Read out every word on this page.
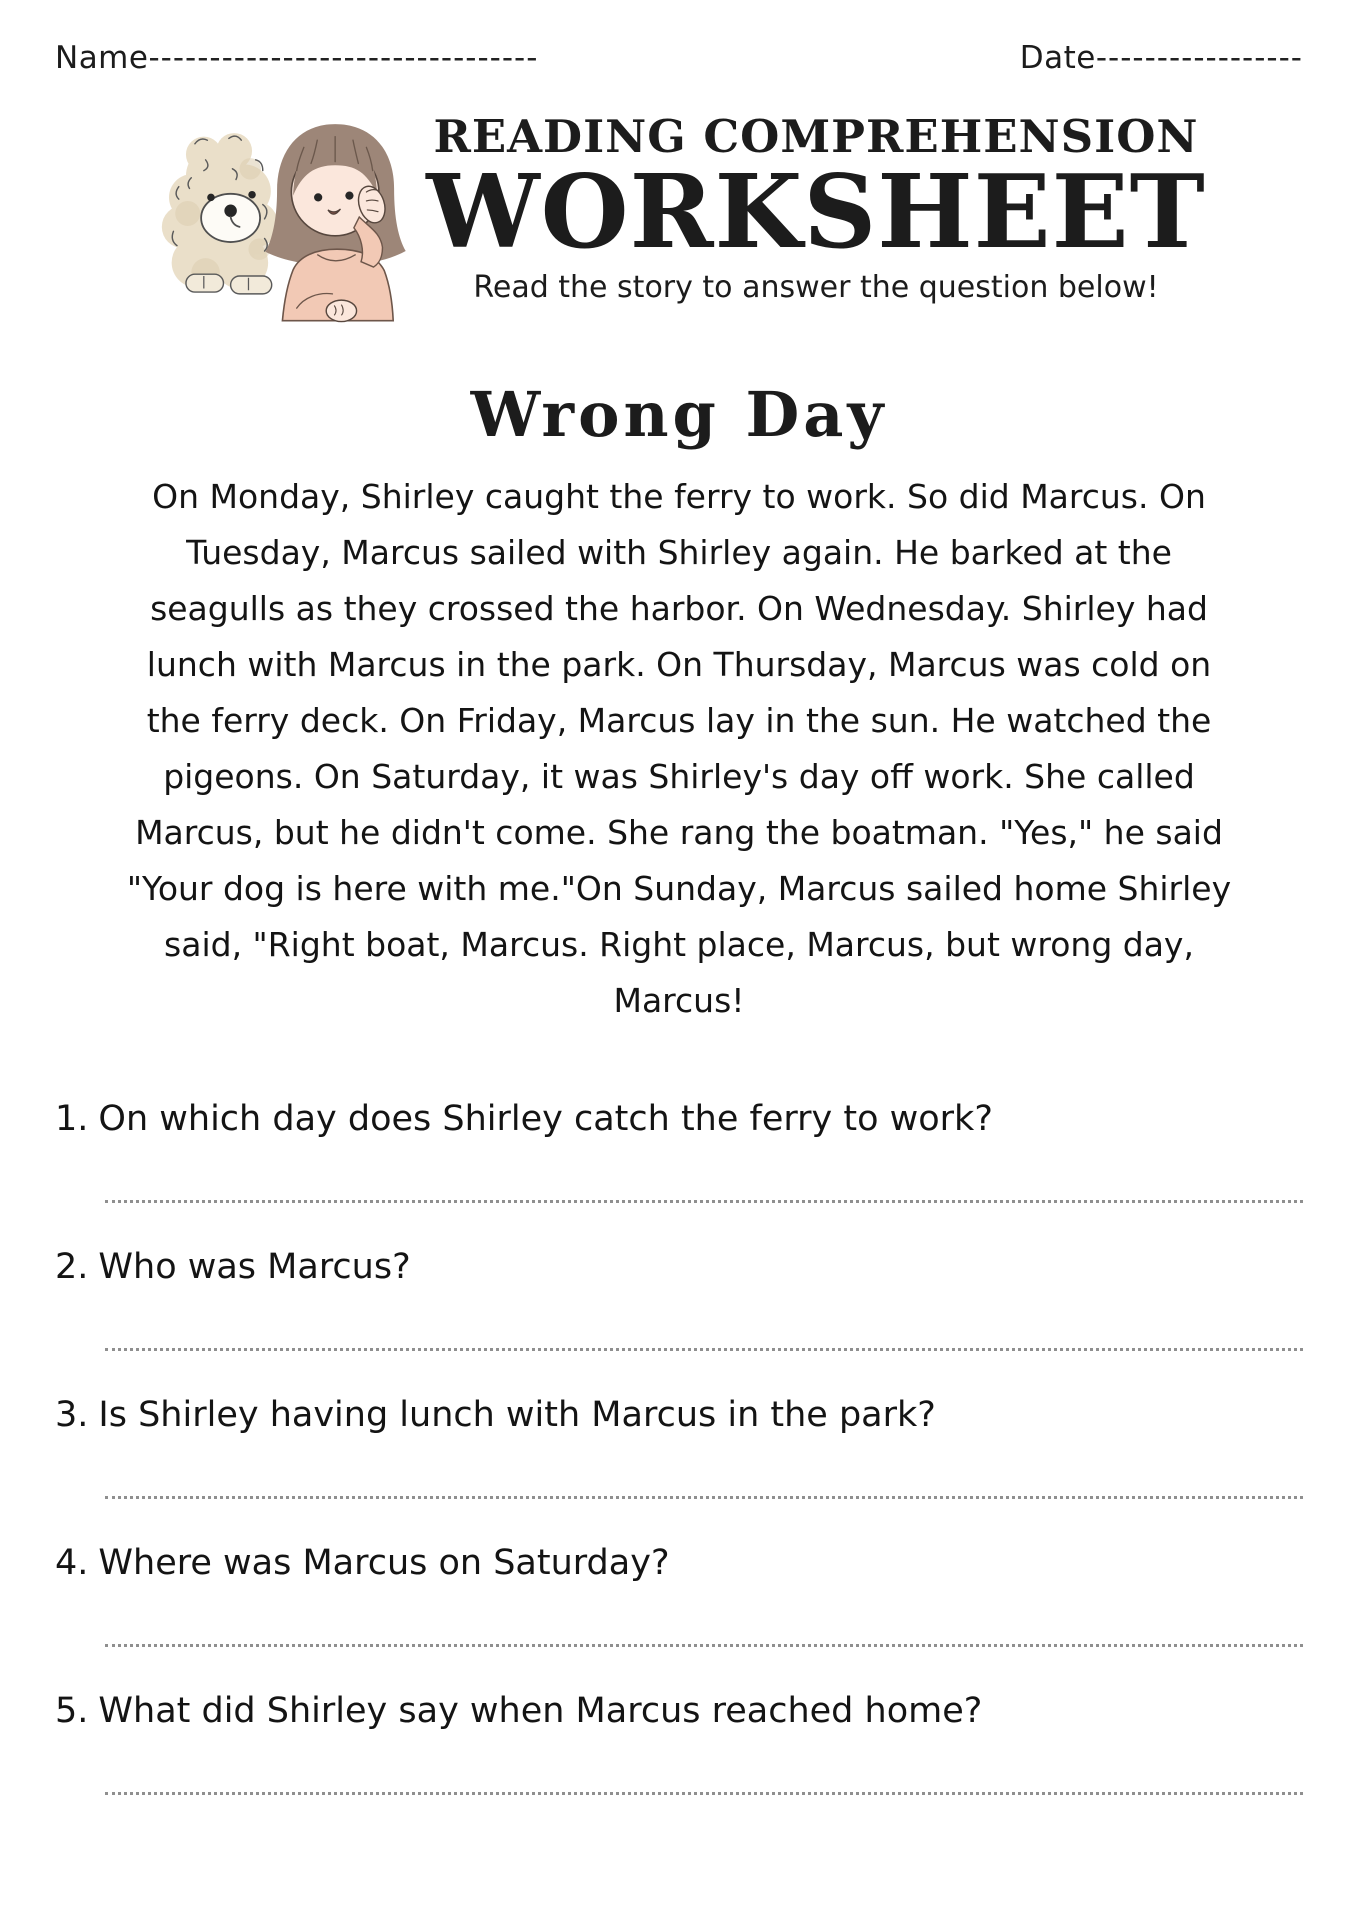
Name--------------------------------	Date-----------------
READING COMPREHENSION
WORKSHEET
Read the story to answer the question below!
Wrong Day
On Monday, Shirley caught the ferry to work. So did Marcus. On
Tuesday, Marcus sailed with Shirley again. He barked at the
seagulls as they crossed the harbor. On Wednesday. Shirley had
lunch with Marcus in the park. On Thursday, Marcus was cold on
the ferry deck. On Friday, Marcus lay in the sun. He watched the
pigeons. On Saturday, it was Shirley's day off work. She called
Marcus, but he didn't come. She rang the boatman. "Yes," he said
"Your dog is here with me."On Sunday, Marcus sailed home Shirley
said, "Right boat, Marcus. Right place, Marcus, but wrong day,
Marcus!
1. On which day does Shirley catch the ferry to work?
2. Who was Marcus?
3. Is Shirley having lunch with Marcus in the park?
4. Where was Marcus on Saturday?
5. What did Shirley say when Marcus reached home?
